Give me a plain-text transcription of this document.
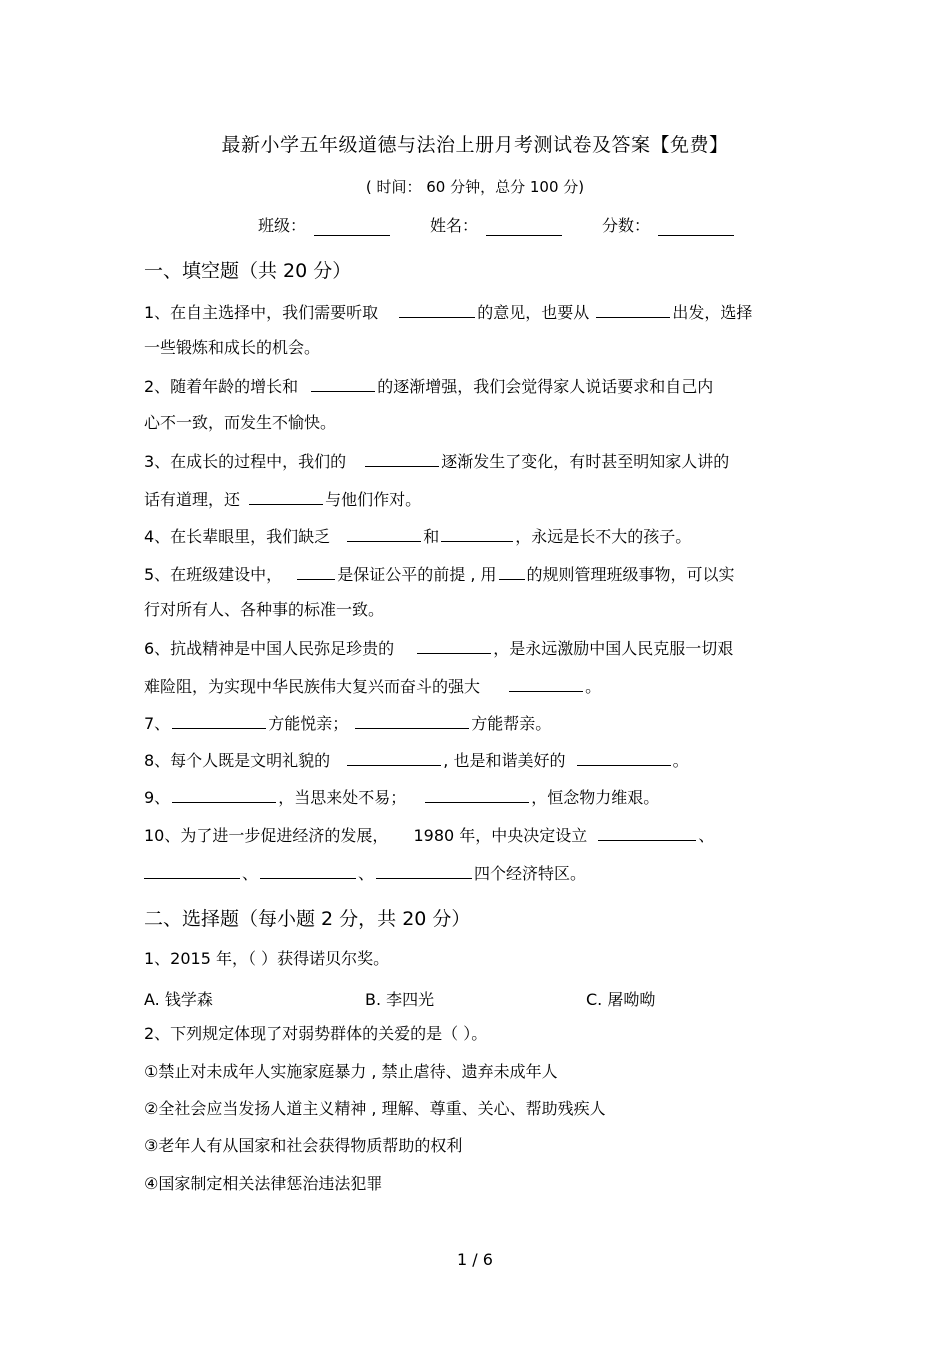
最新小学五年级道德与法治上册月考测试卷及答案【免费】
( 时间： 60 分钟，总分 100 分)
班级：	姓名：	分数：
一、填空题（共 20 分）
1、在自主选择中，我们需要听取	的意见，也要从	出发，选择
一些锻炼和成长的机会。
2、随着年龄的增长和	的逐渐增强，我们会觉得家人说话要求和自己内
心不一致，而发生不愉快。
3、在成长的过程中，我们的	逐渐发生了变化，有时甚至明知家人讲的
话有道理，还	与他们作对。
4、在长辈眼里，我们缺乏	和	，永远是长不大的孩子。
5、在班级建设中，	是保证公平的前提 , 用 的规则管理班级事物，可以实
行对所有人、各种事的标准一致。
6、抗战精神是中国人民弥足珍贵的	，是永远激励中国人民克服一切艰
难险阻，为实现中华民族伟大复兴而奋斗的强大	。
7、	方能悦亲；	方能帮亲。
8、每个人既是文明礼貌的	, 也是和谐美好的	。
9、	，当思来处不易；	，恒念物力维艰。
10、为了进一步促进经济的发展， 1980 年，中央决定设立	、
、	、	四个经济特区。
二、选择题（每小题 2 分，共 20 分）
1、2015 年，（ ）获得诺贝尔奖。
A. 钱学森	B. 李四光	C. 屠呦呦
2、下列规定体现了对弱势群体的关爱的是（ ）。
①禁止对未成年人实施家庭暴力 , 禁止虐待、遗弃未成年人
②全社会应当发扬人道主义精神 , 理解、尊重、关心、帮助残疾人
③老年人有从国家和社会获得物质帮助的权利
④国家制定相关法律惩治违法犯罪
1 / 6
